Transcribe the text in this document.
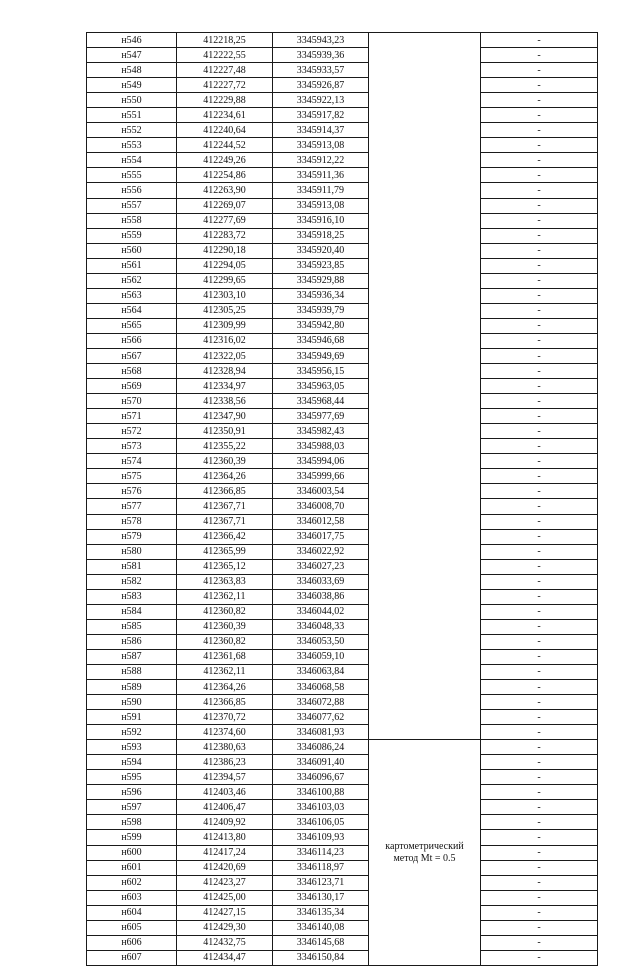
н546	412218,25	3345943,23		-
н547	412222,55	3345939,36		-
н548	412227,48	3345933,57		-
н549	412227,72	3345926,87		-
н550	412229,88	3345922,13		-
н551	412234,61	3345917,82		-
н552	412240,64	3345914,37		-
н553	412244,52	3345913,08		-
н554	412249,26	3345912,22		-
н555	412254,86	3345911,36		-
н556	412263,90	3345911,79		-
н557	412269,07	3345913,08		-
н558	412277,69	3345916,10		-
н559	412283,72	3345918,25		-
н560	412290,18	3345920,40		-
н561	412294,05	3345923,85		-
н562	412299,65	3345929,88		-
н563	412303,10	3345936,34		-
н564	412305,25	3345939,79		-
н565	412309,99	3345942,80		-
н566	412316,02	3345946,68		-
н567	412322,05	3345949,69		-
н568	412328,94	3345956,15		-
н569	412334,97	3345963,05		-
н570	412338,56	3345968,44		-
н571	412347,90	3345977,69		-
н572	412350,91	3345982,43		-
н573	412355,22	3345988,03		-
н574	412360,39	3345994,06		-
н575	412364,26	3345999,66		-
н576	412366,85	3346003,54		-
н577	412367,71	3346008,70		-
н578	412367,71	3346012,58		-
н579	412366,42	3346017,75		-
н580	412365,99	3346022,92		-
н581	412365,12	3346027,23		-
н582	412363,83	3346033,69		-
н583	412362,11	3346038,86		-
н584	412360,82	3346044,02		-
н585	412360,39	3346048,33		-
н586	412360,82	3346053,50		-
н587	412361,68	3346059,10		-
н588	412362,11	3346063,84		-
н589	412364,26	3346068,58		-
н590	412366,85	3346072,88		-
н591	412370,72	3346077,62		-
н592	412374,60	3346081,93		-
н593	412380,63	3346086,24	картометрический метод Mt = 0.5	-
н594	412386,23	3346091,40		-
н595	412394,57	3346096,67		-
н596	412403,46	3346100,88		-
н597	412406,47	3346103,03		-
н598	412409,92	3346106,05		-
н599	412413,80	3346109,93		-
н600	412417,24	3346114,23		-
н601	412420,69	3346118,97		-
н602	412423,27	3346123,71		-
н603	412425,00	3346130,17		-
н604	412427,15	3346135,34		-
н605	412429,30	3346140,08		-
н606	412432,75	3346145,68		-
н607	412434,47	3346150,84		-
